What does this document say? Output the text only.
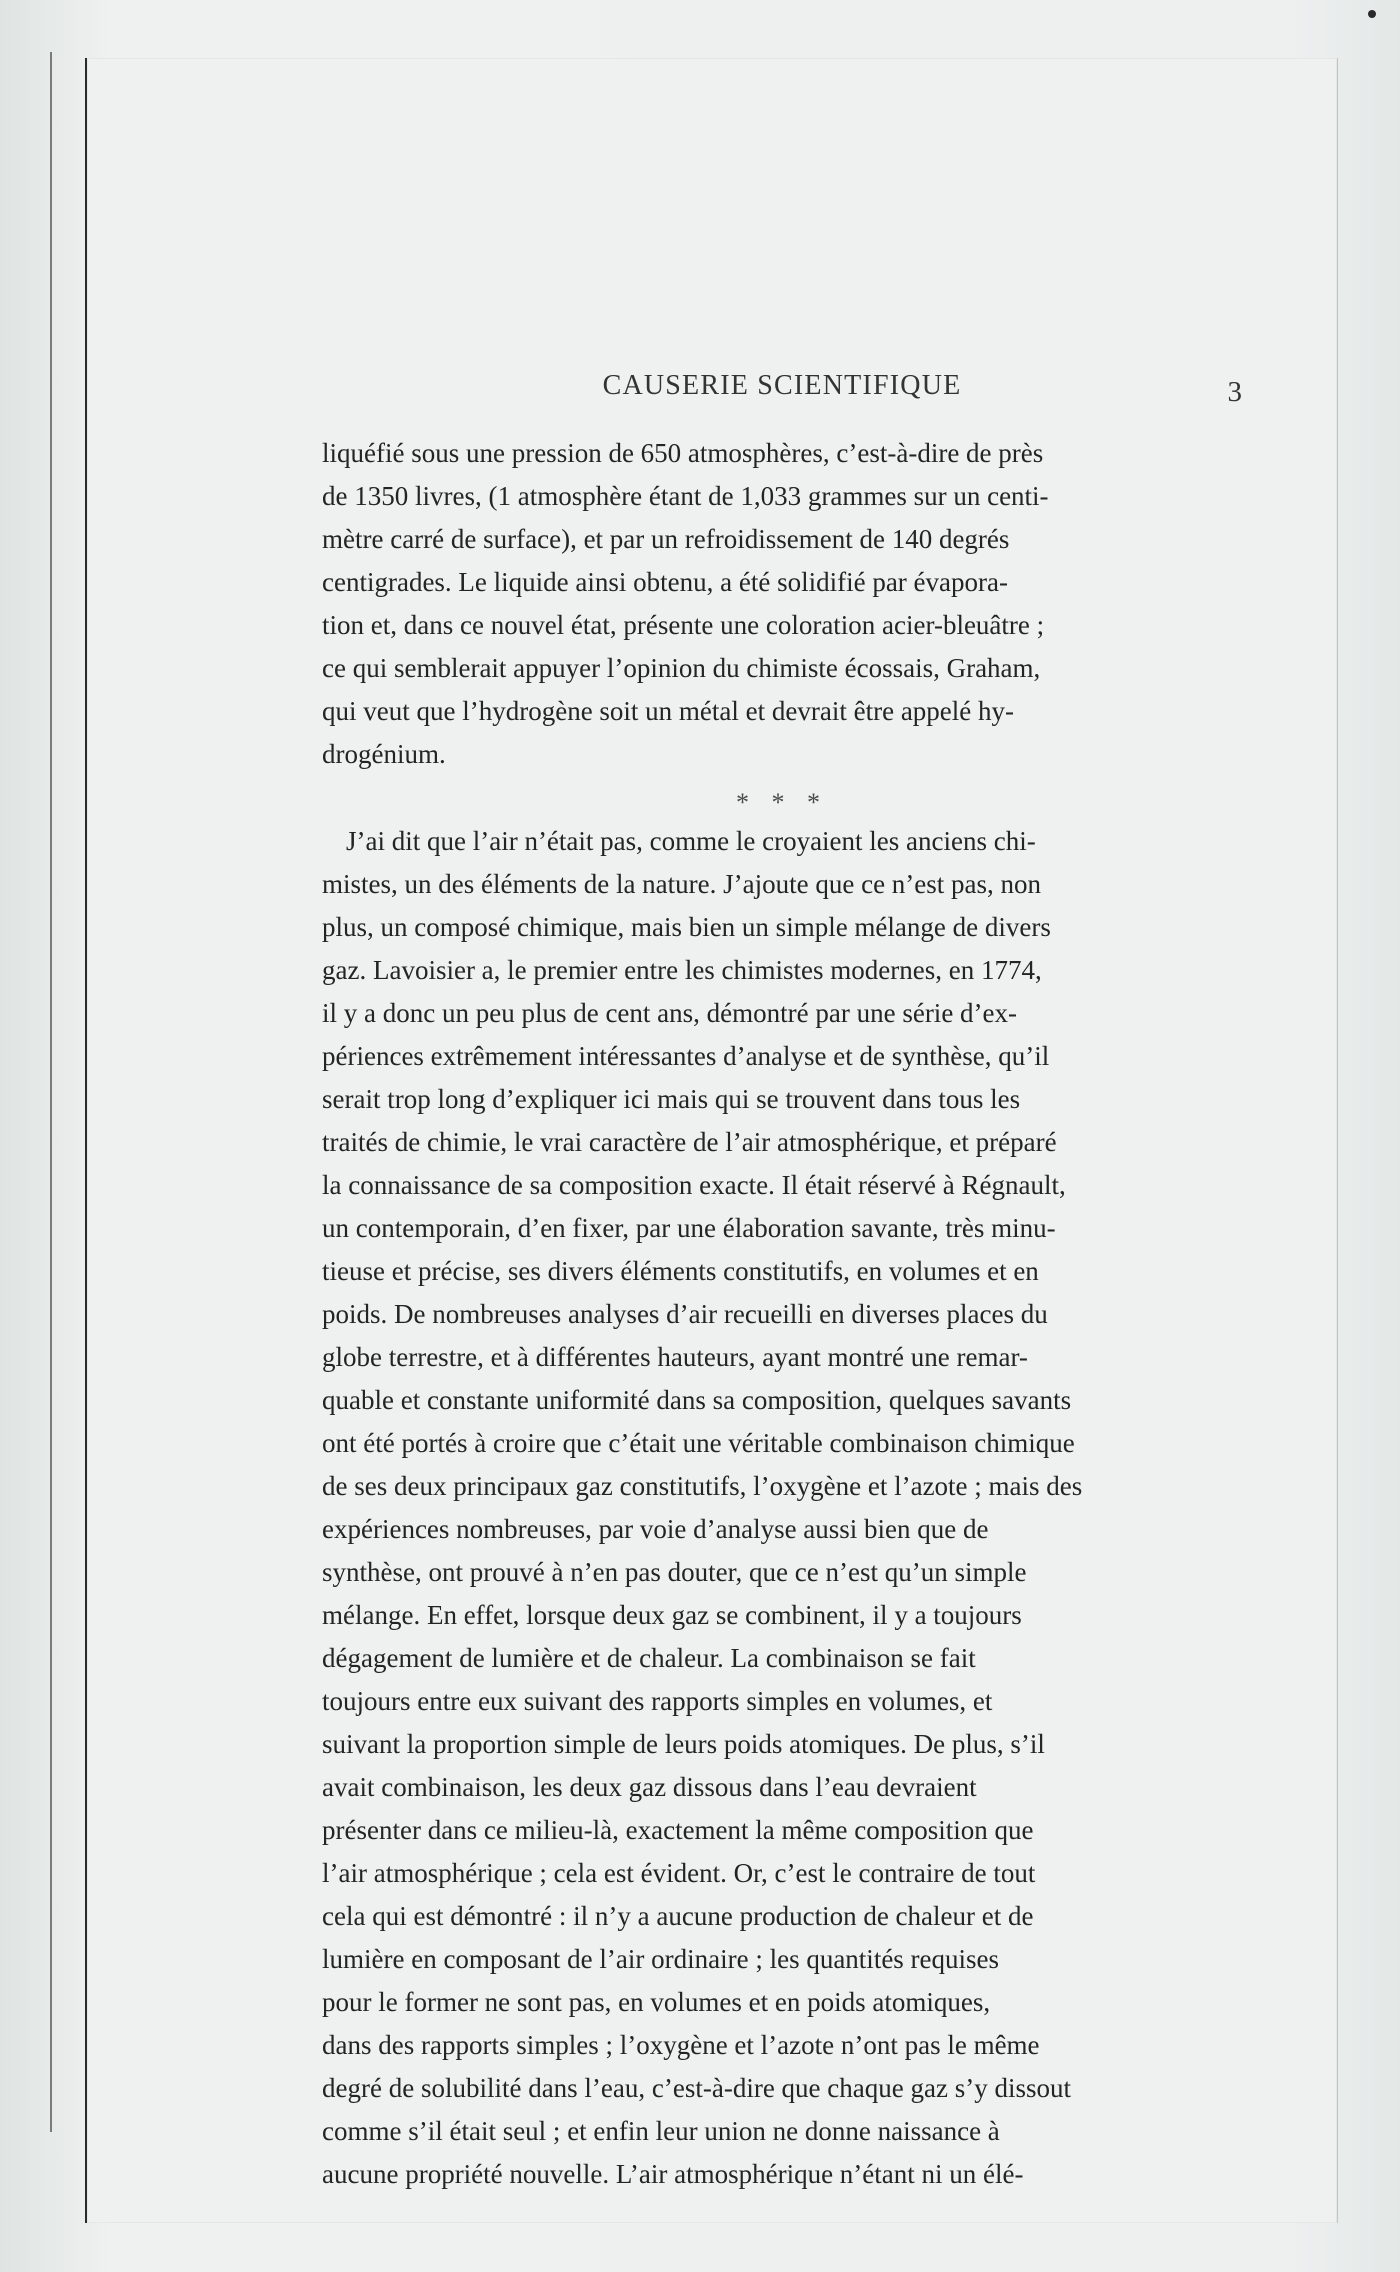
CAUSERIE SCIENTIFIQUE	3

liquéfié sous une pression de 650 atmosphères, c’est-à-dire de près
de 1350 livres, (1 atmosphère étant de 1,033 grammes sur un centi-
mètre carré de surface), et par un refroidissement de 140 degrés
centigrades. Le liquide ainsi obtenu, a été solidifié par évapora-
tion et, dans ce nouvel état, présente une coloration acier-bleuâtre ;
ce qui semblerait appuyer l’opinion du chimiste écossais, Graham,
qui veut que l’hydrogène soit un métal et devrait être appelé hy-
drogénium.

* * *

J’ai dit que l’air n’était pas, comme le croyaient les anciens chi-
mistes, un des éléments de la nature. J’ajoute que ce n’est pas, non
plus, un composé chimique, mais bien un simple mélange de divers
gaz. Lavoisier a, le premier entre les chimistes modernes, en 1774,
il y a donc un peu plus de cent ans, démontré par une série d’ex-
périences extrêmement intéressantes d’analyse et de synthèse, qu’il
serait trop long d’expliquer ici mais qui se trouvent dans tous les
traités de chimie, le vrai caractère de l’air atmosphérique, et préparé
la connaissance de sa composition exacte. Il était réservé à Régnault,
un contemporain, d’en fixer, par une élaboration savante, très minu-
tieuse et précise, ses divers éléments constitutifs, en volumes et en
poids. De nombreuses analyses d’air recueilli en diverses places du
globe terrestre, et à différentes hauteurs, ayant montré une remar-
quable et constante uniformité dans sa composition, quelques savants
ont été portés à croire que c’était une véritable combinaison chimique
de ses deux principaux gaz constitutifs, l’oxygène et l’azote ; mais des
expériences nombreuses, par voie d’analyse aussi bien que de
synthèse, ont prouvé à n’en pas douter, que ce n’est qu’un simple
mélange. En effet, lorsque deux gaz se combinent, il y a toujours
dégagement de lumière et de chaleur. La combinaison se fait
toujours entre eux suivant des rapports simples en volumes, et
suivant la proportion simple de leurs poids atomiques. De plus, s’il
avait combinaison, les deux gaz dissous dans l’eau devraient
présenter dans ce milieu-là, exactement la même composition que
l’air atmosphérique ; cela est évident. Or, c’est le contraire de tout
cela qui est démontré : il n’y a aucune production de chaleur et de
lumière en composant de l’air ordinaire ; les quantités requises
pour le former ne sont pas, en volumes et en poids atomiques,
dans des rapports simples ; l’oxygène et l’azote n’ont pas le même
degré de solubilité dans l’eau, c’est-à-dire que chaque gaz s’y dissout
comme s’il était seul ; et enfin leur union ne donne naissance à
aucune propriété nouvelle. L’air atmosphérique n’étant ni un élé-
